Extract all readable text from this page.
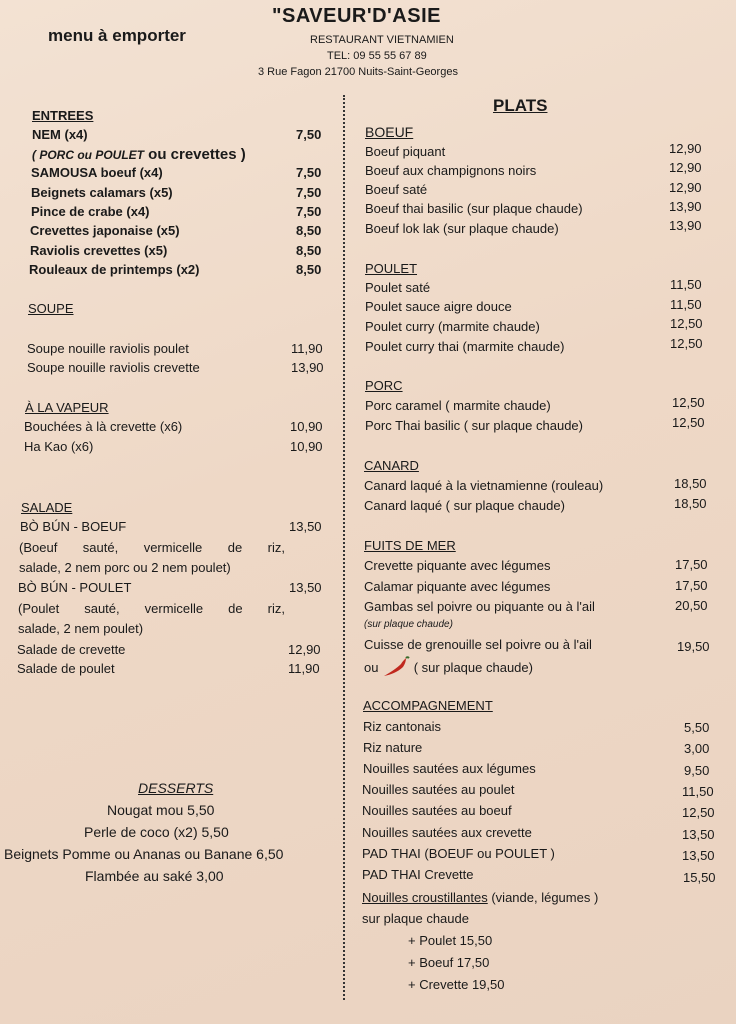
menu à emporter
"SAVEUR'D'ASIE
RESTAURANT VIETNAMIEN
TEL: 09 55 55 67 89
3 Rue Fagon 21700 Nuits-Saint-Georges
ENTREES
NEM (x4)	7,50
( PORC ou POULET ou crevettes )
SAMOUSA boeuf (x4)	7,50
Beignets calamars (x5)	7,50
Pince de crabe (x4)	7,50
Crevettes japonaise (x5)	8,50
Raviolis crevettes (x5)	8,50
Rouleaux de printemps (x2)	8,50
SOUPE
Soupe nouille raviolis poulet	11,90
Soupe nouille raviolis crevette	13,90
À LA VAPEUR
Bouchées à là crevette (x6)	10,90
Ha Kao (x6)	10,90
SALADE
BÒ BÚN - BOEUF	13,50
(Boeuf sauté, vermicelle de riz,
salade, 2 nem porc ou 2 nem poulet)
BÒ BÚN - POULET	13,50
(Poulet sauté, vermicelle de riz,
salade, 2 nem poulet)
Salade de crevette	12,90
Salade de poulet	11,90
DESSERTS
Nougat mou 5,50
Perle de coco (x2) 5,50
Beignets Pomme ou Ananas ou Banane 6,50
Flambée au saké 3,00
PLATS
BOEUF
Boeuf piquant	12,90
Boeuf aux champignons noirs	12,90
Boeuf saté	12,90
Boeuf thai basilic (sur plaque chaude)	13,90
Boeuf lok lak (sur plaque chaude)	13,90
POULET
Poulet saté	11,50
Poulet sauce aigre douce	11,50
Poulet curry (marmite chaude)	12,50
Poulet curry thai (marmite chaude)	12,50
PORC
Porc caramel ( marmite chaude)	12,50
Porc Thai basilic ( sur plaque chaude)	12,50
CANARD
Canard laqué à la vietnamienne (rouleau)	18,50
Canard laqué ( sur plaque chaude)	18,50
FUITS DE MER
Crevette piquante avec légumes	17,50
Calamar piquante avec légumes	17,50
Gambas sel poivre ou piquante ou à l'ail	20,50
(sur plaque chaude)
Cuisse de grenouille sel poivre ou à l'ail	19,50
ou	( sur plaque chaude)
ACCOMPAGNEMENT
Riz cantonais	5,50
Riz nature	3,00
Nouilles sautées aux légumes	9,50
Nouilles sautées au poulet	11,50
Nouilles sautées au boeuf	12,50
Nouilles sautées aux crevette	13,50
PAD THAI (BOEUF ou POULET )	13,50
PAD THAI Crevette	15,50
Nouilles croustillantes (viande, légumes )
sur plaque chaude
+ Poulet 15,50
+ Boeuf 17,50
+ Crevette 19,50
